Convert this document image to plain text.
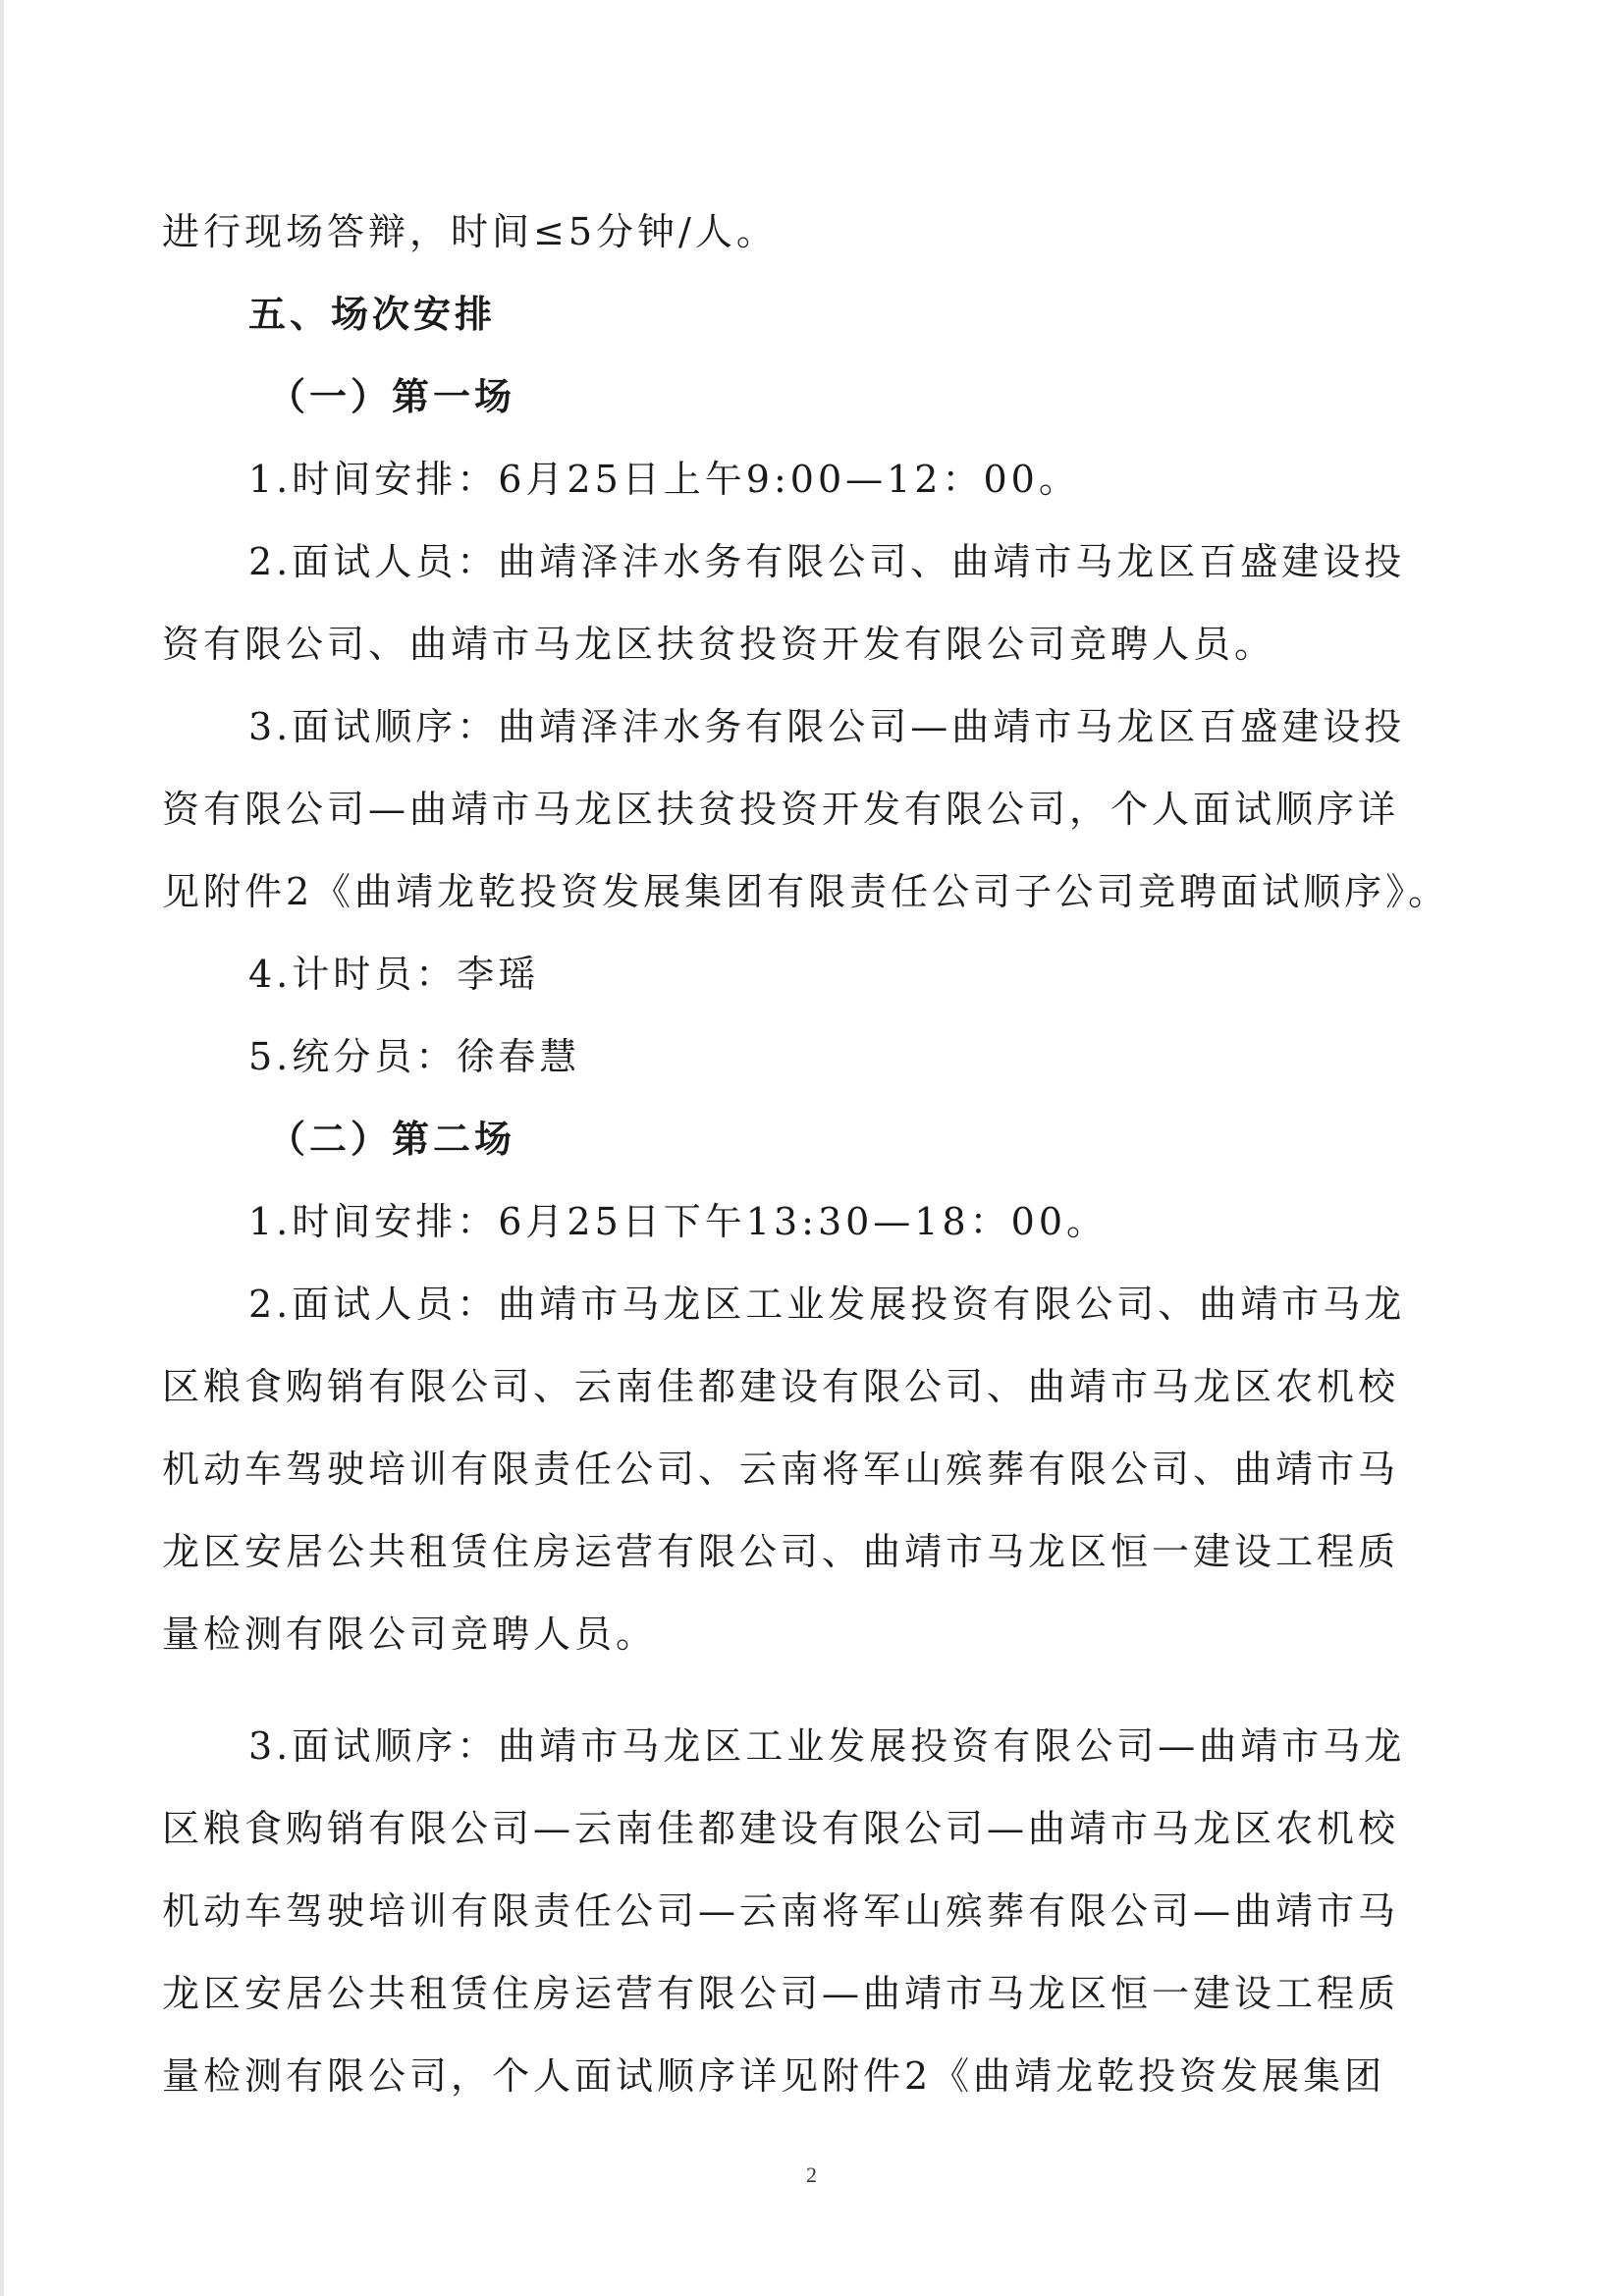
进行现场答辩，时间≤5分钟/人。
五、场次安排
（一）第一场
1.时间安排：6月25日上午9:00—12：00。
2.面试人员：曲靖泽沣水务有限公司、曲靖市马龙区百盛建设投
资有限公司、曲靖市马龙区扶贫投资开发有限公司竞聘人员。
3.面试顺序：曲靖泽沣水务有限公司—曲靖市马龙区百盛建设投
资有限公司—曲靖市马龙区扶贫投资开发有限公司，个人面试顺序详
见附件2《曲靖龙乾投资发展集团有限责任公司子公司竞聘面试顺序》。
4.计时员：李瑶
5.统分员：徐春慧
（二）第二场
1.时间安排：6月25日下午13:30—18：00。
2.面试人员：曲靖市马龙区工业发展投资有限公司、曲靖市马龙
区粮食购销有限公司、云南佳都建设有限公司、曲靖市马龙区农机校
机动车驾驶培训有限责任公司、云南将军山殡葬有限公司、曲靖市马
龙区安居公共租赁住房运营有限公司、曲靖市马龙区恒一建设工程质
量检测有限公司竞聘人员。
3.面试顺序：曲靖市马龙区工业发展投资有限公司—曲靖市马龙
区粮食购销有限公司—云南佳都建设有限公司—曲靖市马龙区农机校
机动车驾驶培训有限责任公司—云南将军山殡葬有限公司—曲靖市马
龙区安居公共租赁住房运营有限公司—曲靖市马龙区恒一建设工程质
量检测有限公司，个人面试顺序详见附件2《曲靖龙乾投资发展集团
2
